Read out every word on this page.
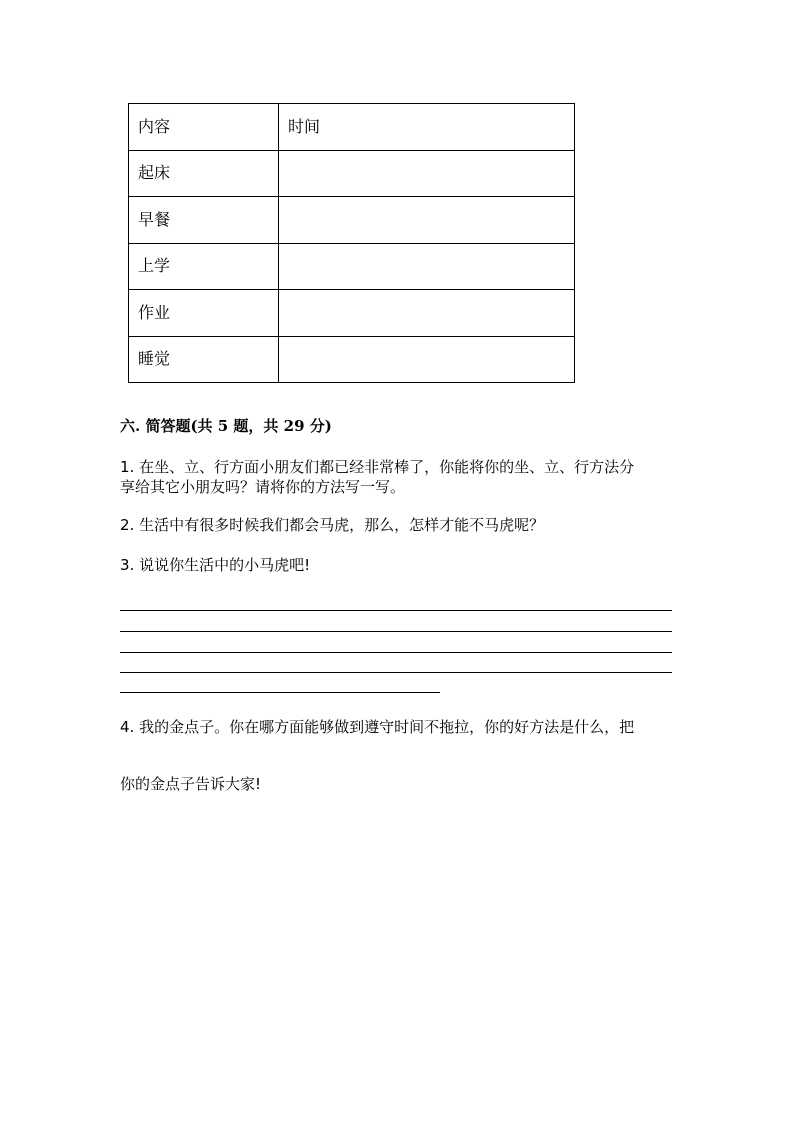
内容	时间
起床	
早餐	
上学	
作业	
睡觉	
六. 简答题(共 5 题，共 29 分)
1. 在坐、立、行方面小朋友们都已经非常棒了，你能将你的坐、立、行方法分
享给其它小朋友吗？请将你的方法写一写。
2. 生活中有很多时候我们都会马虎，那么，怎样才能不马虎呢？
3. 说说你生活中的小马虎吧!
4. 我的金点子。你在哪方面能够做到遵守时间不拖拉，你的好方法是什么，把
你的金点子告诉大家!
